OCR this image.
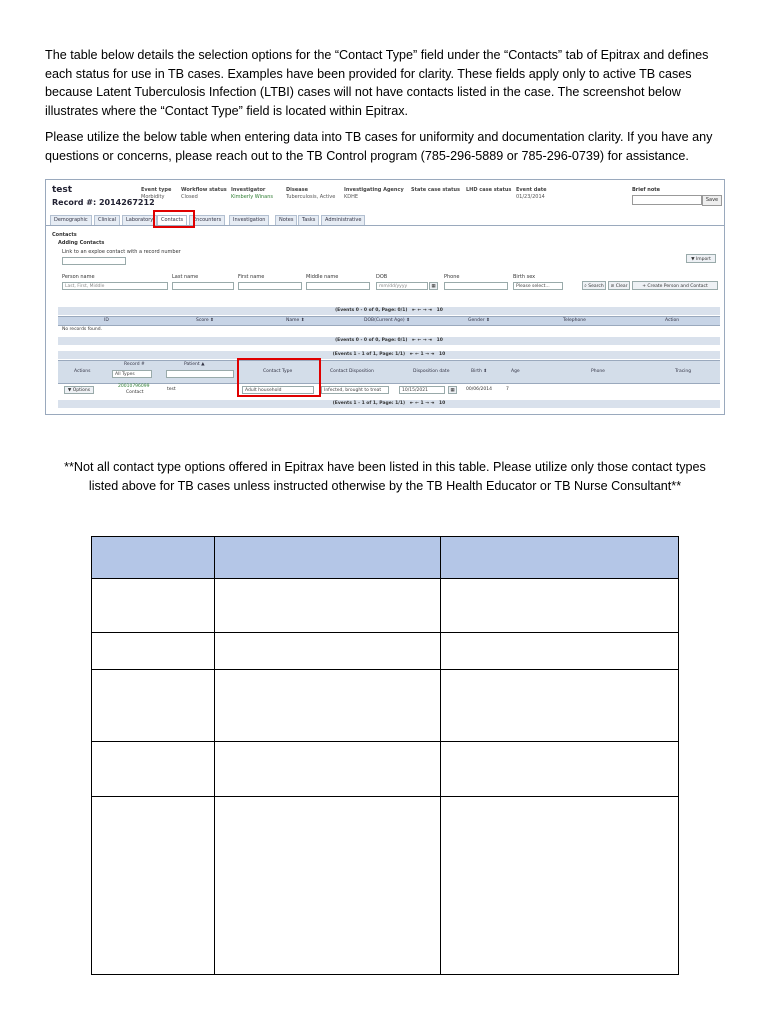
The table below details the selection options for the “Contact Type” field under the “Contacts” tab of Epitrax and defines each status for use in TB cases. Examples have been provided for clarity. These fields apply only to active TB cases because Latent Tuberculosis Infection (LTBI) cases will not have contacts listed in the case. The screenshot below illustrates where the “Contact Type” field is located within Epitrax.

Please utilize the below table when entering data into TB cases for uniformity and documentation clarity. If you have any questions or concerns, please reach out to the TB Control program (785-296-5889 or 785-296-0739) for assistance.

test
Record #: 2014267212
Event type
Morbidity
Workflow status
Closed
Investigator
Kimberly Winans
Disease
Tuberculosis, Active
Investigating Agency
KDHE
State case status LHD case status Event date
01/23/2014
Brief note
Save
Demographic	Clinical	Laboratory	Contacts	Encounters	Investigation	Notes	Tasks	Administrative
Contacts
Adding Contacts
Link to an exploe contact with a record number
▼ Import
Person name
Last, First, Middle
Last name	First name	Middle name	DOB
mm/dd/yyyy	▦
Phone	Birth sex
Please select...	⌕ Search	⊘ Clear	+ Create Person and Contact
(Events 0 - 0 of 0, Page: 0/1)   ⇤ ← → ⇥   10
ID	Score ⬍	Name ⬍	DOB(Current Age) ⬍	Gender ⬍	Telephone	Action
No records found.
(Events 0 - 0 of 0, Page: 0/1)   ⇤ ← → ⇥   10
(Events 1 - 1 of 1, Page: 1/1)   ⇤ ← 1 → ⇥   10
Actions
Record #
All Types
Patient ▲
Contact Type	Contact Disposition	Disposition date	Birth ⬍	Age	Phone	Tracing
▼ Options
20010796099
Contact
test	Adult household	Infected, brought to treat	10/15/2021	▦	00/06/2014	7
(Events 1 - 1 of 1, Page: 1/1)   ⇤ ← 1 → ⇥   10

**Not all contact type options offered in Epitrax have been listed in this table. Please utilize only those contact types listed above for TB cases unless instructed otherwise by the TB Health Educator or TB Nurse Consultant**
